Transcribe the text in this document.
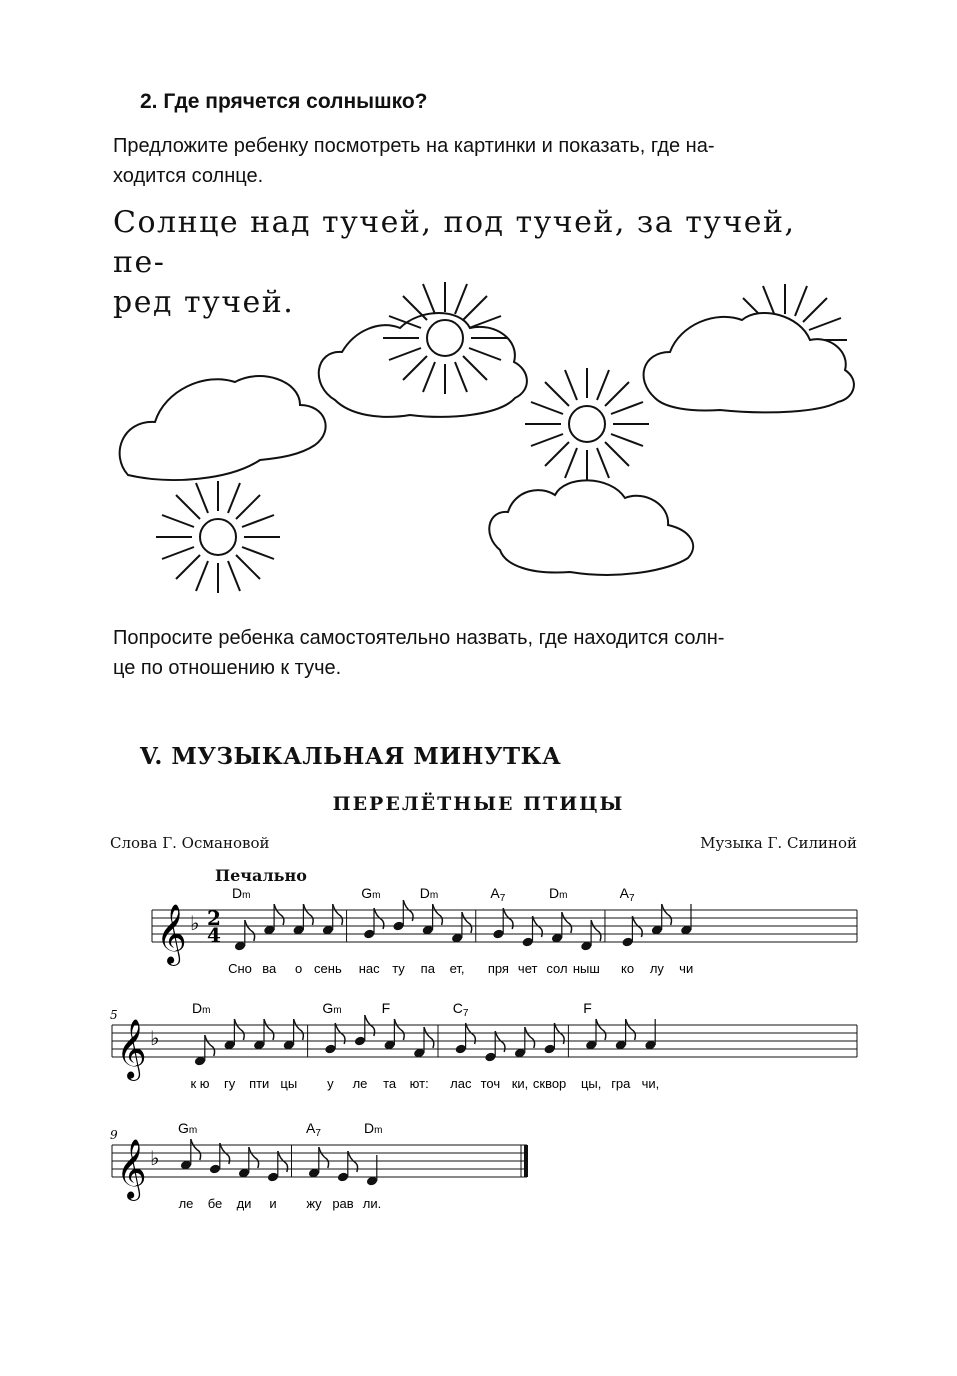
2. Где прячется солнышко?
Предложите ребенку посмотреть на картинки и показать, где на-
ходится солнце.
Солнце над тучей, под тучей, за тучей, пе-
ред тучей.
Попросите ребенка самостоятельно назвать, где находится солн-
це по отношению к туче.
V. МУЗЫКАЛЬНАЯ МИНУТКА
ПЕРЕЛЁТНЫЕ ПТИЦЫ
Слова Г. Османовой	Музыка Г. Силиной
Печально
𝄞 ♭ 2
4
Dm	Gm	Dm	$A_7$	Dm	$A_7$
Сно ва о сень нас ту па ет, пря чет сол ныш ко лу чи
𝄞 ♭
5	Dm	Gm	F	$C_7$	F
к ю гу пти цы у ле та ют: лас точ ки, сквор цы, гра чи,
𝄞 ♭
9	Gm	$A_7$	Dm
ле бе ди и жу рав ли.
